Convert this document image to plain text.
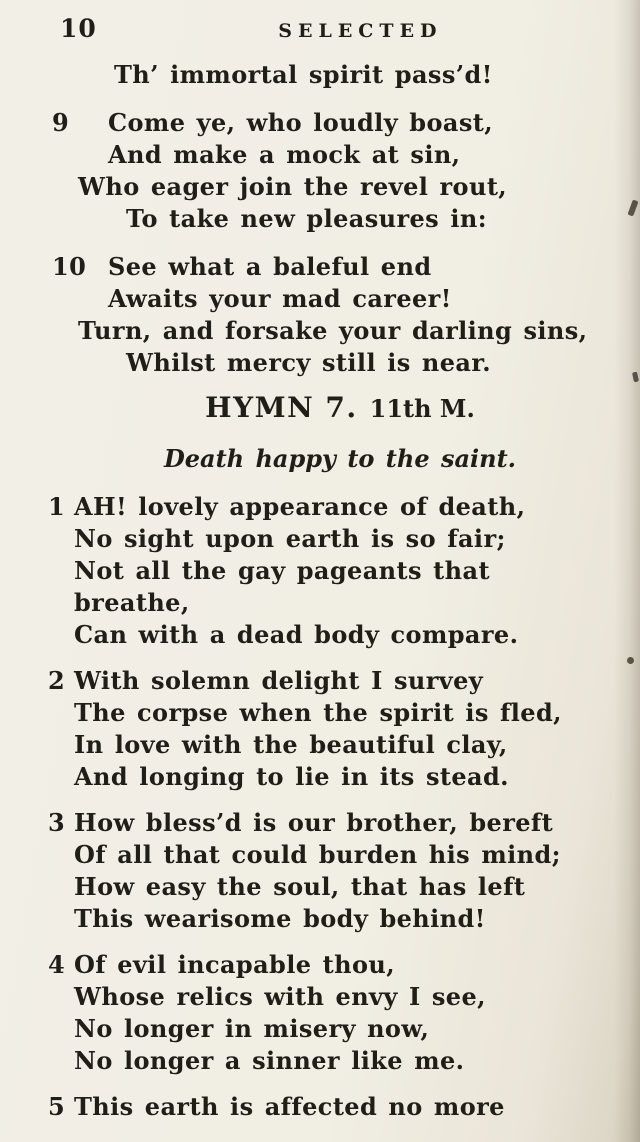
10	SELECTED
Th’ immortal spirit pass’d!
9 Come ye, who loudly boast,
And make a mock at sin,
Who eager join the revel rout,
To take new pleasures in:
10 See what a baleful end
Awaits your mad career!
Turn, and forsake your darling sins,
Whilst mercy still is near.
HYMN 7. 11th M.
Death happy to the saint.
1 AH! lovely appearance of death,
No sight upon earth is so fair;
Not all the gay pageants that breathe,
Can with a dead body compare.
2 With solemn delight I survey
The corpse when the spirit is fled,
In love with the beautiful clay,
And longing to lie in its stead.
3 How bless’d is our brother, bereft
Of all that could burden his mind;
How easy the soul, that has left
This wearisome body behind!
4 Of evil incapable thou,
Whose relics with envy I see,
No longer in misery now,
No longer a sinner like me.
5 This earth is affected no more
